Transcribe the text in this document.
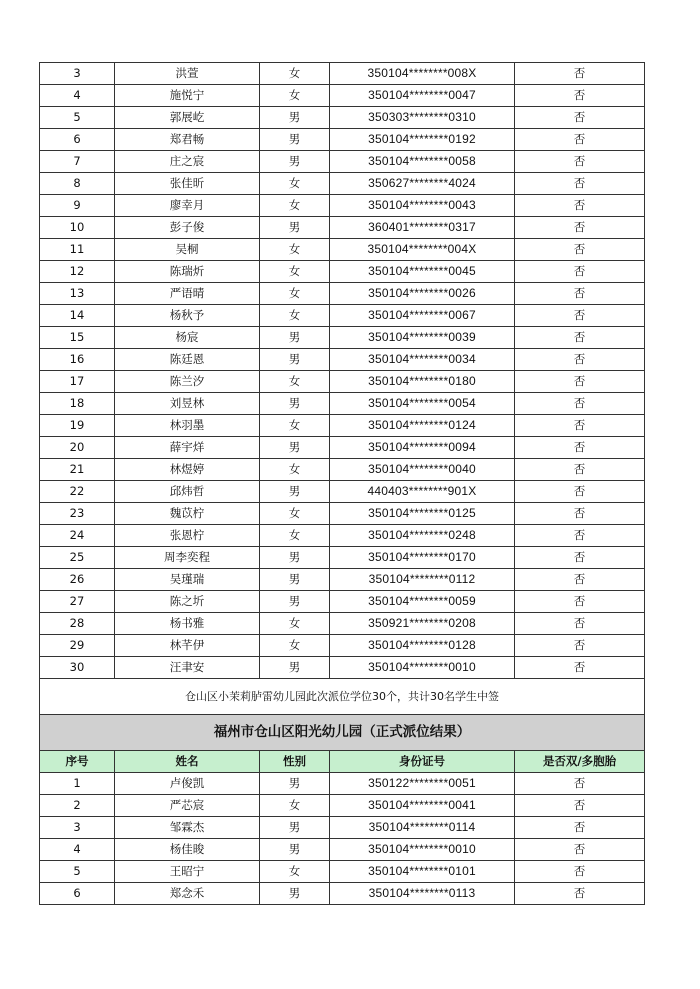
3	洪萱	女	350104********008X	否
4	施悦宁	女	350104********0047	否
5	郭展屹	男	350303********0310	否
6	郑君畅	男	350104********0192	否
7	庄之宸	男	350104********0058	否
8	张佳昕	女	350627********4024	否
9	廖幸月	女	350104********0043	否
10	彭子俊	男	360401********0317	否
11	吴桐	女	350104********004X	否
12	陈瑞炘	女	350104********0045	否
13	严语晴	女	350104********0026	否
14	杨秋予	女	350104********0067	否
15	杨宸	男	350104********0039	否
16	陈廷恩	男	350104********0034	否
17	陈兰汐	女	350104********0180	否
18	刘昱林	男	350104********0054	否
19	林羽墨	女	350104********0124	否
20	薛宇烊	男	350104********0094	否
21	林煜婷	女	350104********0040	否
22	邱炜哲	男	440403********901X	否
23	魏苡柠	女	350104********0125	否
24	张恩柠	女	350104********0248	否
25	周李奕程	男	350104********0170	否
26	吴瑾瑞	男	350104********0112	否
27	陈之圻	男	350104********0059	否
28	杨书雅	女	350921********0208	否
29	林芊伊	女	350104********0128	否
30	汪聿安	男	350104********0010	否
仓山区小茉莉胪雷幼儿园此次派位学位30个，共计30名学生中签				
福州市仓山区阳光幼儿园（正式派位结果）				
序号	姓名	性别	身份证号	是否双/多胞胎
1	卢俊凯	男	350122********0051	否
2	严芯宸	女	350104********0041	否
3	邹霖杰	男	350104********0114	否
4	杨佳晙	男	350104********0010	否
5	王昭宁	女	350104********0101	否
6	郑念禾	男	350104********0113	否
